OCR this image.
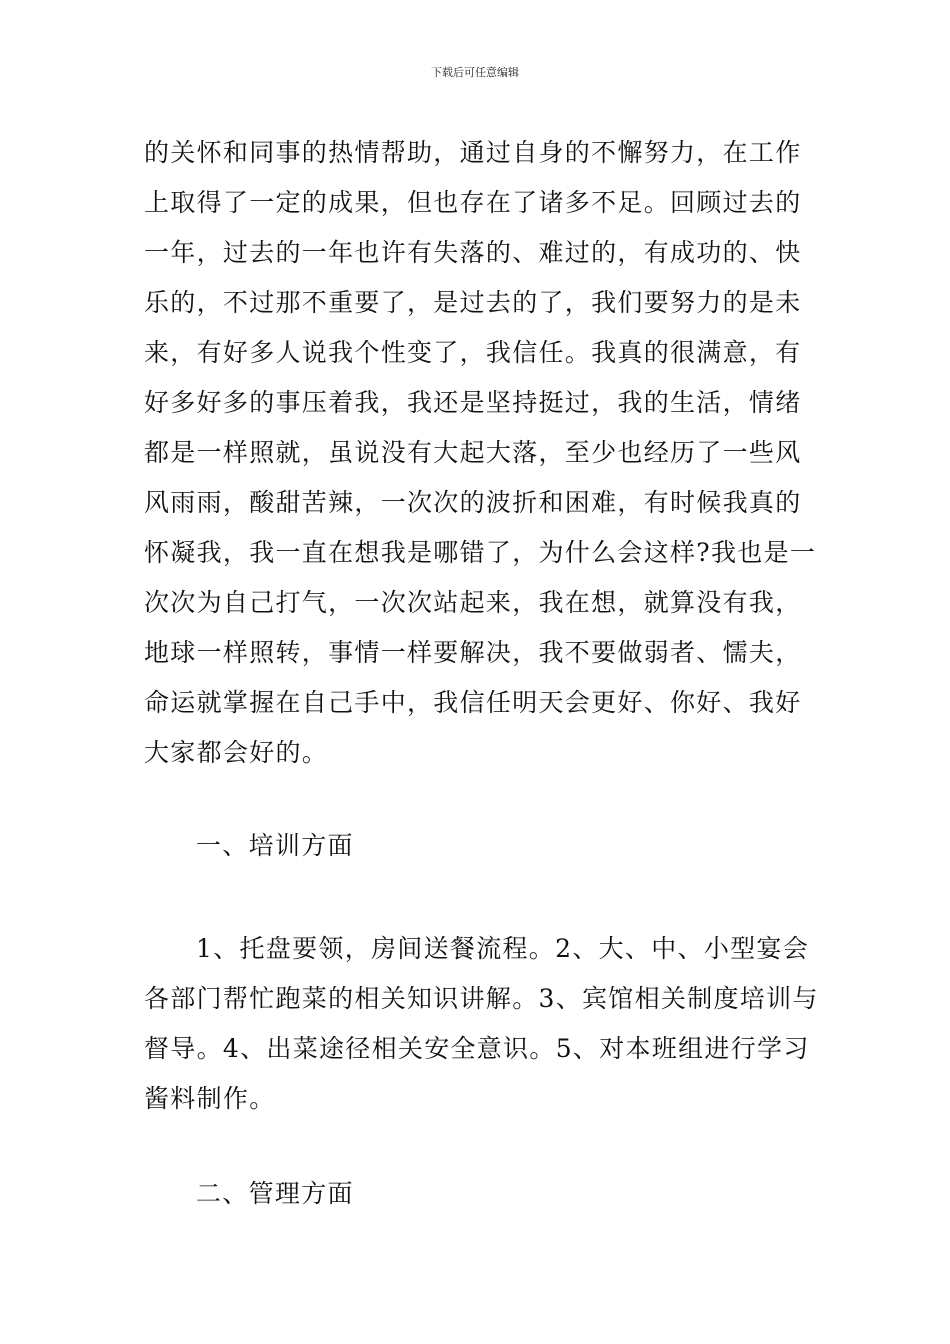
下载后可任意编辑
的关怀和同事的热情帮助，通过自身的不懈努力，在工作
上取得了一定的成果，但也存在了诸多不足。回顾过去的
一年，过去的一年也许有失落的、难过的，有成功的、快
乐的，不过那不重要了，是过去的了，我们要努力的是未
来，有好多人说我个性变了，我信任。我真的很满意，有
好多好多的事压着我，我还是坚持挺过，我的生活，情绪
都是一样照就，虽说没有大起大落，至少也经历了一些风
风雨雨，酸甜苦辣，一次次的波折和困难，有时候我真的
怀凝我，我一直在想我是哪错了，为什么会这样?我也是一
次次为自己打气，一次次站起来，我在想，就算没有我，
地球一样照转，事情一样要解决，我不要做弱者、懦夫，
命运就掌握在自己手中，我信任明天会更好、你好、我好
大家都会好的。
一、培训方面
1、托盘要领，房间送餐流程。2、大、中、小型宴会
各部门帮忙跑菜的相关知识讲解。3、宾馆相关制度培训与
督导。4、出菜途径相关安全意识。5、对本班组进行学习
酱料制作。
二、管理方面
